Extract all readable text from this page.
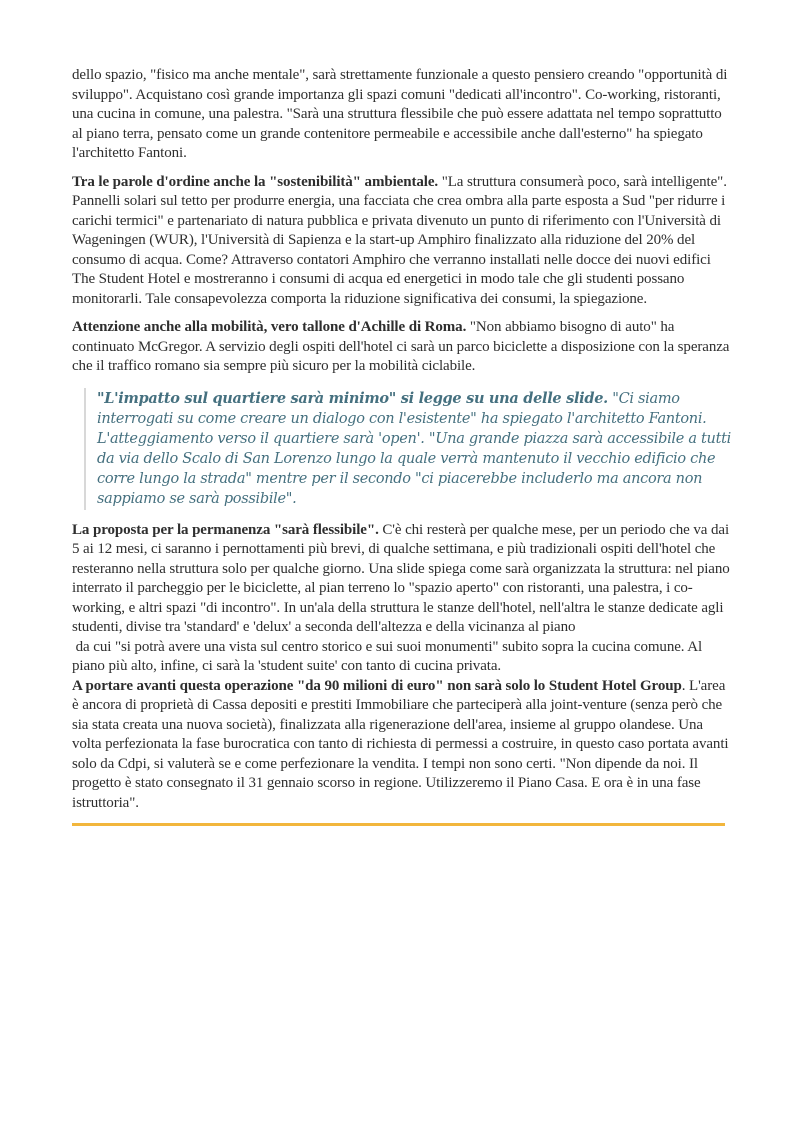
dello spazio, "fisico ma anche mentale", sarà strettamente funzionale a questo pensiero creando "opportunità di sviluppo". Acquistano così grande importanza gli spazi comuni "dedicati all'incontro". Co-working, ristoranti, una cucina in comune, una palestra. "Sarà una struttura flessibile che può essere adattata nel tempo soprattutto al piano terra, pensato come un grande contenitore permeabile e accessibile anche dall'esterno" ha spiegato l'architetto Fantoni.

Tra le parole d'ordine anche la "sostenibilità" ambientale. "La struttura consumerà poco, sarà intelligente". Pannelli solari sul tetto per produrre energia, una facciata che crea ombra alla parte esposta a Sud "per ridurre i carichi termici" e partenariato di natura pubblica e privata divenuto un punto di riferimento con l'Università di Wageningen (WUR), l'Università di Sapienza e la start-up Amphiro finalizzato alla riduzione del 20% del consumo di acqua. Come? Attraverso contatori Amphiro che verranno installati nelle docce dei nuovi edifici The Student Hotel e mostreranno i consumi di acqua ed energetici in modo tale che gli studenti possano monitorarli. Tale consapevolezza comporta la riduzione significativa dei consumi, la spiegazione.

Attenzione anche alla mobilità, vero tallone d'Achille di Roma. "Non abbiamo bisogno di auto" ha continuato McGregor. A servizio degli ospiti dell'hotel ci sarà un parco biciclette a disposizione con la speranza che il traffico romano sia sempre più sicuro per la mobilità ciclabile.

"L'impatto sul quartiere sarà minimo" si legge su una delle slide. "Ci siamo interrogati su come creare un dialogo con l'esistente" ha spiegato l'architetto Fantoni. L'atteggiamento verso il quartiere sarà 'open'. "Una grande piazza sarà accessibile a tutti da via dello Scalo di San Lorenzo lungo la quale verrà mantenuto il vecchio edificio che corre lungo la strada" mentre per il secondo "ci piacerebbe includerlo ma ancora non sappiamo se sarà possibile".

La proposta per la permanenza "sarà flessibile". C'è chi resterà per qualche mese, per un periodo che va dai 5 ai 12 mesi, ci saranno i pernottamenti più brevi, di qualche settimana, e più tradizionali ospiti dell'hotel che resteranno nella struttura solo per qualche giorno. Una slide spiega come sarà organizzata la struttura: nel piano interrato il parcheggio per le biciclette, al pian terreno lo "spazio aperto" con ristoranti, una palestra, i co-working, e altri spazi "di incontro". In un'ala della struttura le stanze dell'hotel, nell'altra le stanze dedicate agli studenti, divise tra 'standard' e 'delux' a seconda dell'altezza e della vicinanza al piano
da cui "si potrà avere una vista sul centro storico e sui suoi monumenti" subito sopra la cucina comune. Al piano più alto, infine, ci sarà la 'student suite' con tanto di cucina privata.

A portare avanti questa operazione "da 90 milioni di euro" non sarà solo lo Student Hotel Group. L'area è ancora di proprietà di Cassa depositi e prestiti Immobiliare che parteciperà alla joint-venture (senza però che sia stata creata una nuova società), finalizzata alla rigenerazione dell'area, insieme al gruppo olandese. Una volta perfezionata la fase burocratica con tanto di richiesta di permessi a costruire, in questo caso portata avanti solo da Cdpi, si valuterà se e come perfezionare la vendita. I tempi non sono certi. "Non dipende da noi. Il progetto è stato consegnato il 31 gennaio scorso in regione. Utilizzeremo il Piano Casa. E ora è in una fase istruttoria".
